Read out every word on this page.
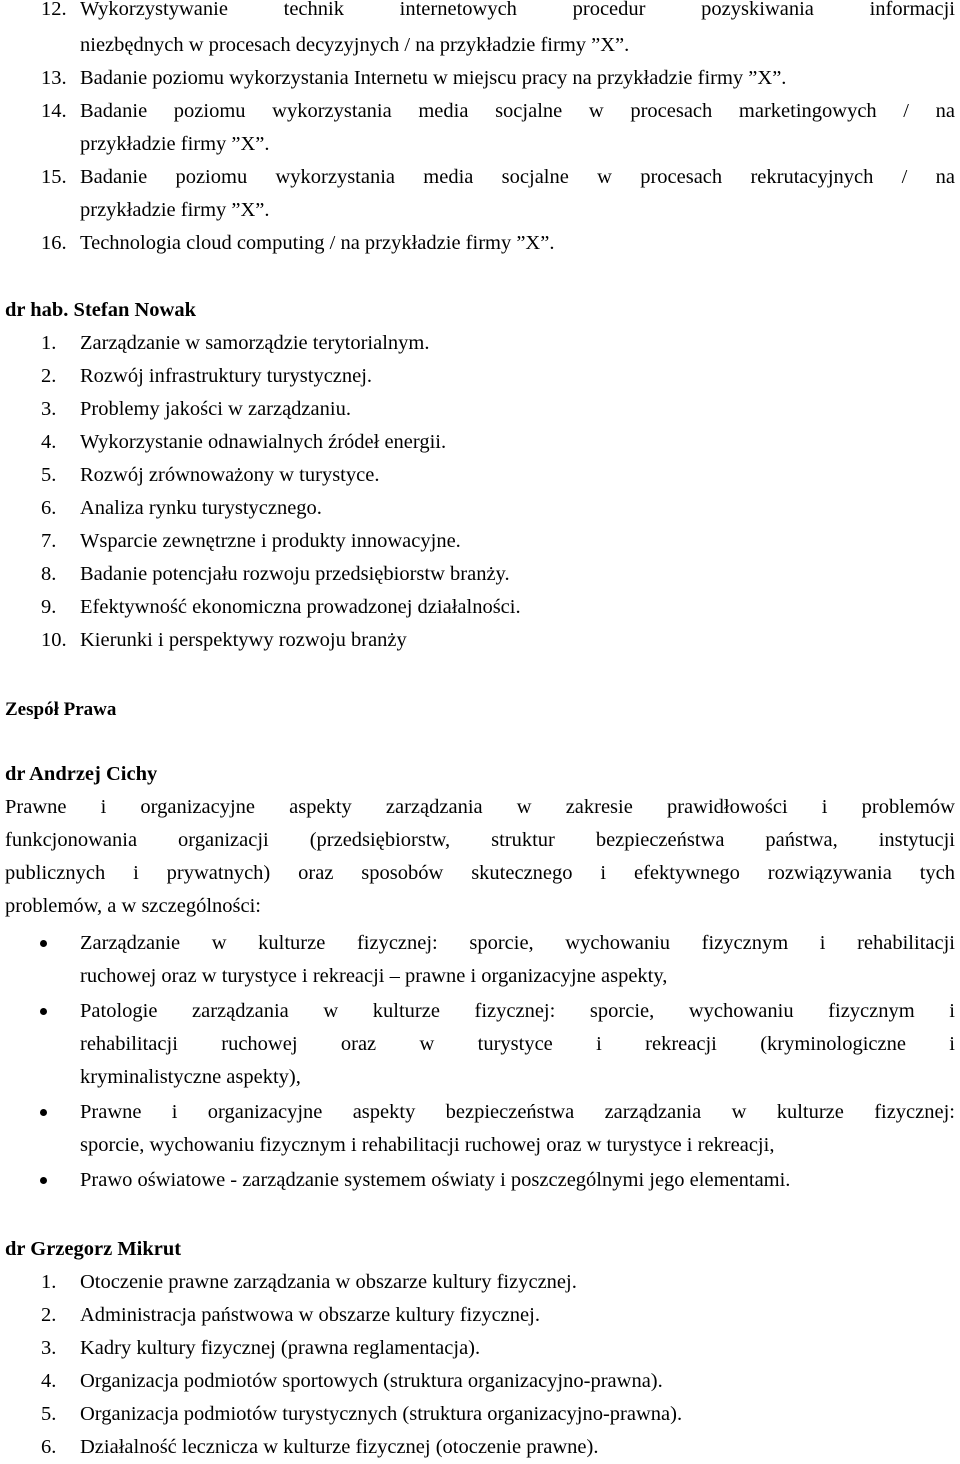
12. Wykorzystywanie technik internetowych procedur pozyskiwania informacji
niezbędnych w procesach decyzyjnych / na przykładzie firmy ”X”.
13. Badanie poziomu wykorzystania Internetu w miejscu pracy na przykładzie firmy ”X”.
14. Badanie poziomu wykorzystania media socjalne w procesach marketingowych / na
przykładzie firmy ”X”.
15. Badanie poziomu wykorzystania media socjalne w procesach rekrutacyjnych / na
przykładzie firmy ”X”.
16. Technologia cloud computing / na przykładzie firmy ”X”.
dr hab. Stefan Nowak
1. Zarządzanie w samorządzie terytorialnym.
2. Rozwój infrastruktury turystycznej.
3. Problemy jakości w zarządzaniu.
4. Wykorzystanie odnawialnych źródeł energii.
5. Rozwój zrównoważony w turystyce.
6. Analiza rynku turystycznego.
7. Wsparcie zewnętrzne i produkty innowacyjne.
8. Badanie potencjału rozwoju przedsiębiorstw branży.
9. Efektywność ekonomiczna prowadzonej działalności.
10. Kierunki i perspektywy rozwoju branży
Zespół Prawa
dr Andrzej Cichy
Prawne i organizacyjne aspekty zarządzania w zakresie prawidłowości i problemów
funkcjonowania organizacji (przedsiębiorstw, struktur bezpieczeństwa państwa, instytucji
publicznych i prywatnych) oraz sposobów skutecznego i efektywnego rozwiązywania tych
problemów, a w szczególności:
Zarządzanie w kulturze fizycznej: sporcie, wychowaniu fizycznym i rehabilitacji
ruchowej oraz w turystyce i rekreacji – prawne i organizacyjne aspekty,
Patologie zarządzania w kulturze fizycznej: sporcie, wychowaniu fizycznym i
rehabilitacji ruchowej oraz w turystyce i rekreacji (kryminologiczne i
kryminalistyczne aspekty),
Prawne i organizacyjne aspekty bezpieczeństwa zarządzania w kulturze fizycznej:
sporcie, wychowaniu fizycznym i rehabilitacji ruchowej oraz w turystyce i rekreacji,
Prawo oświatowe - zarządzanie systemem oświaty i poszczególnymi jego elementami.
dr Grzegorz Mikrut
1. Otoczenie prawne zarządzania w obszarze kultury fizycznej.
2. Administracja państwowa w obszarze kultury fizycznej.
3. Kadry kultury fizycznej (prawna reglamentacja).
4. Organizacja podmiotów sportowych (struktura organizacyjno-prawna).
5. Organizacja podmiotów turystycznych (struktura organizacyjno-prawna).
6. Działalność lecznicza w kulturze fizycznej (otoczenie prawne).
